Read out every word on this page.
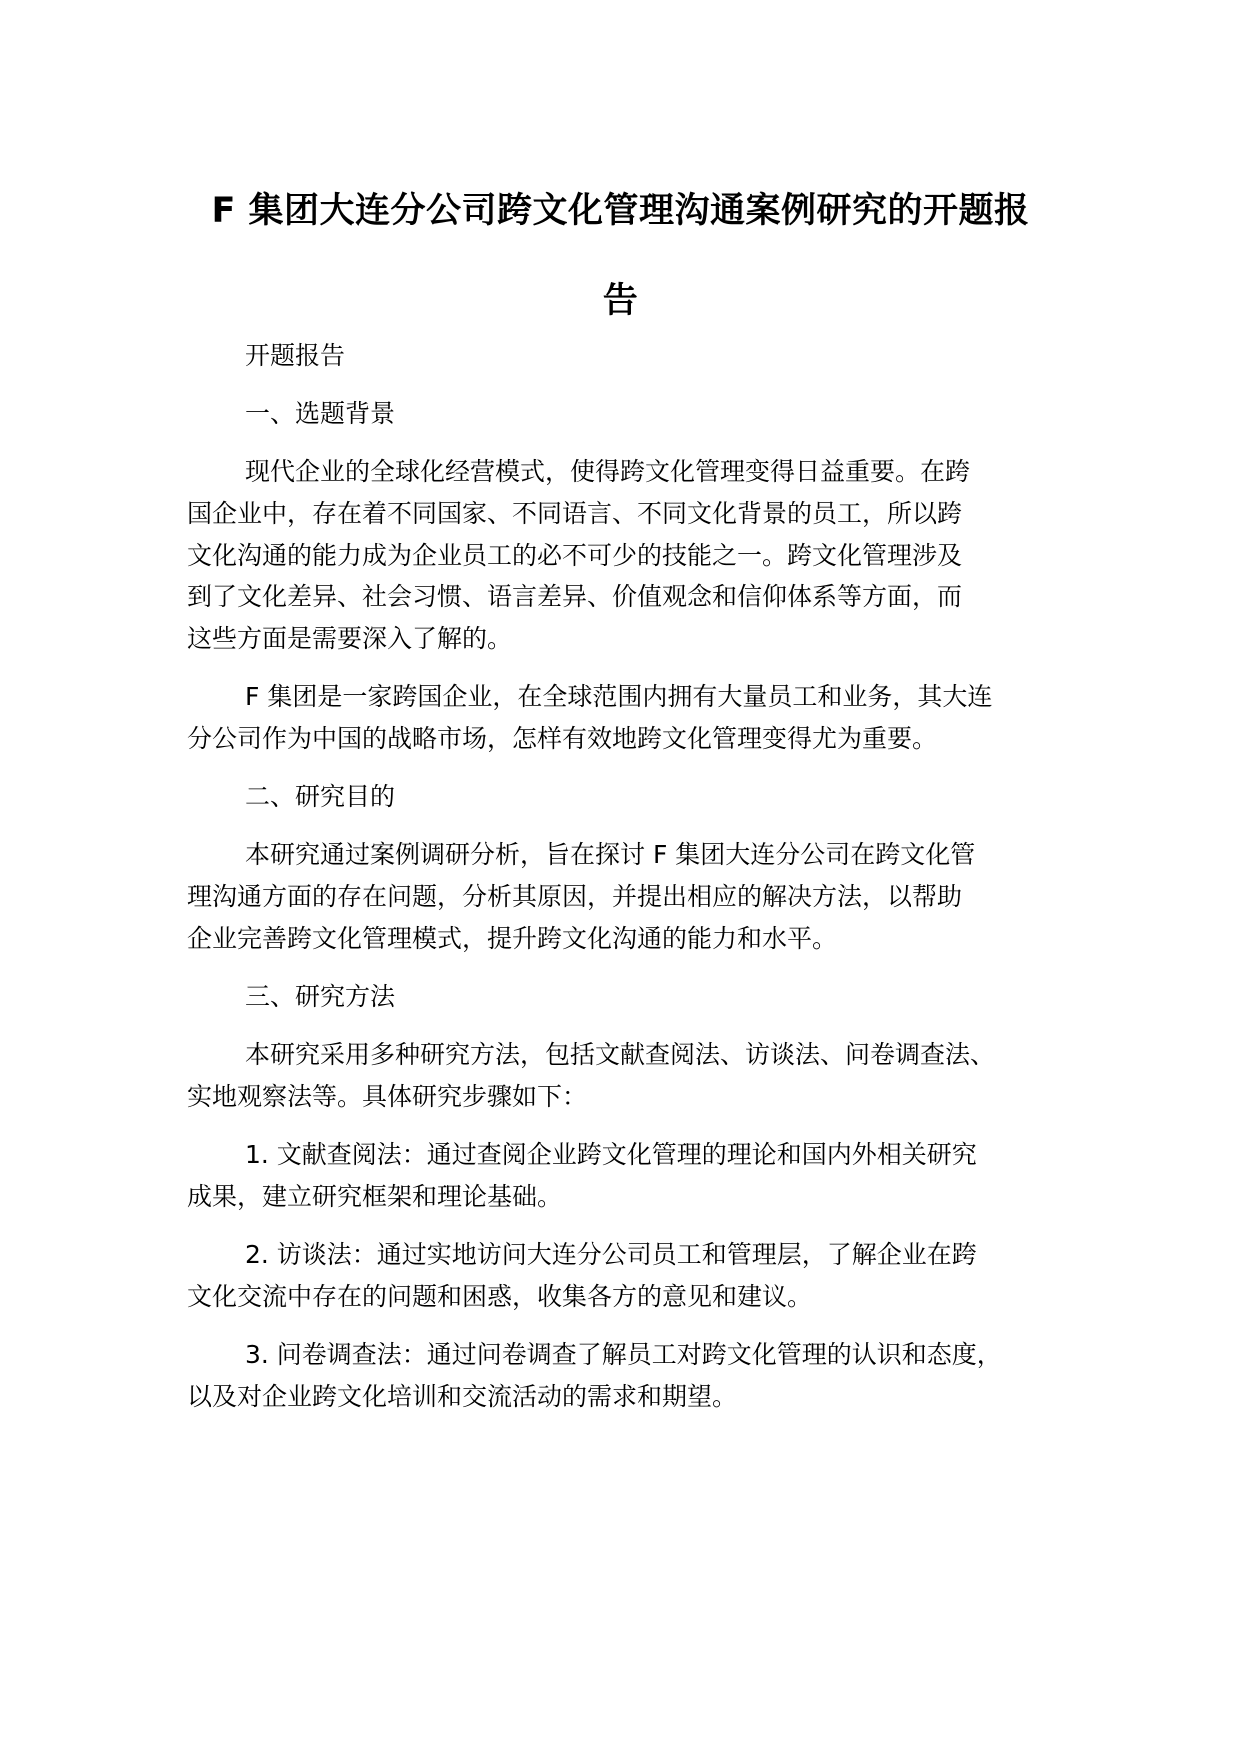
F 集团大连分公司跨文化管理沟通案例研究的开题报
告
开题报告
一、选题背景
现代企业的全球化经营模式，使得跨文化管理变得日益重要。在跨
国企业中，存在着不同国家、不同语言、不同文化背景的员工，所以跨
文化沟通的能力成为企业员工的必不可少的技能之一。跨文化管理涉及
到了文化差异、社会习惯、语言差异、价值观念和信仰体系等方面，而
这些方面是需要深入了解的。
F 集团是一家跨国企业，在全球范围内拥有大量员工和业务，其大连
分公司作为中国的战略市场，怎样有效地跨文化管理变得尤为重要。
二、研究目的
本研究通过案例调研分析，旨在探讨 F 集团大连分公司在跨文化管
理沟通方面的存在问题，分析其原因，并提出相应的解决方法，以帮助
企业完善跨文化管理模式，提升跨文化沟通的能力和水平。
三、研究方法
本研究采用多种研究方法，包括文献查阅法、访谈法、问卷调查法、
实地观察法等。具体研究步骤如下：
1. 文献查阅法：通过查阅企业跨文化管理的理论和国内外相关研究
成果，建立研究框架和理论基础。
2. 访谈法：通过实地访问大连分公司员工和管理层，了解企业在跨
文化交流中存在的问题和困惑，收集各方的意见和建议。
3. 问卷调查法：通过问卷调查了解员工对跨文化管理的认识和态度，
以及对企业跨文化培训和交流活动的需求和期望。
